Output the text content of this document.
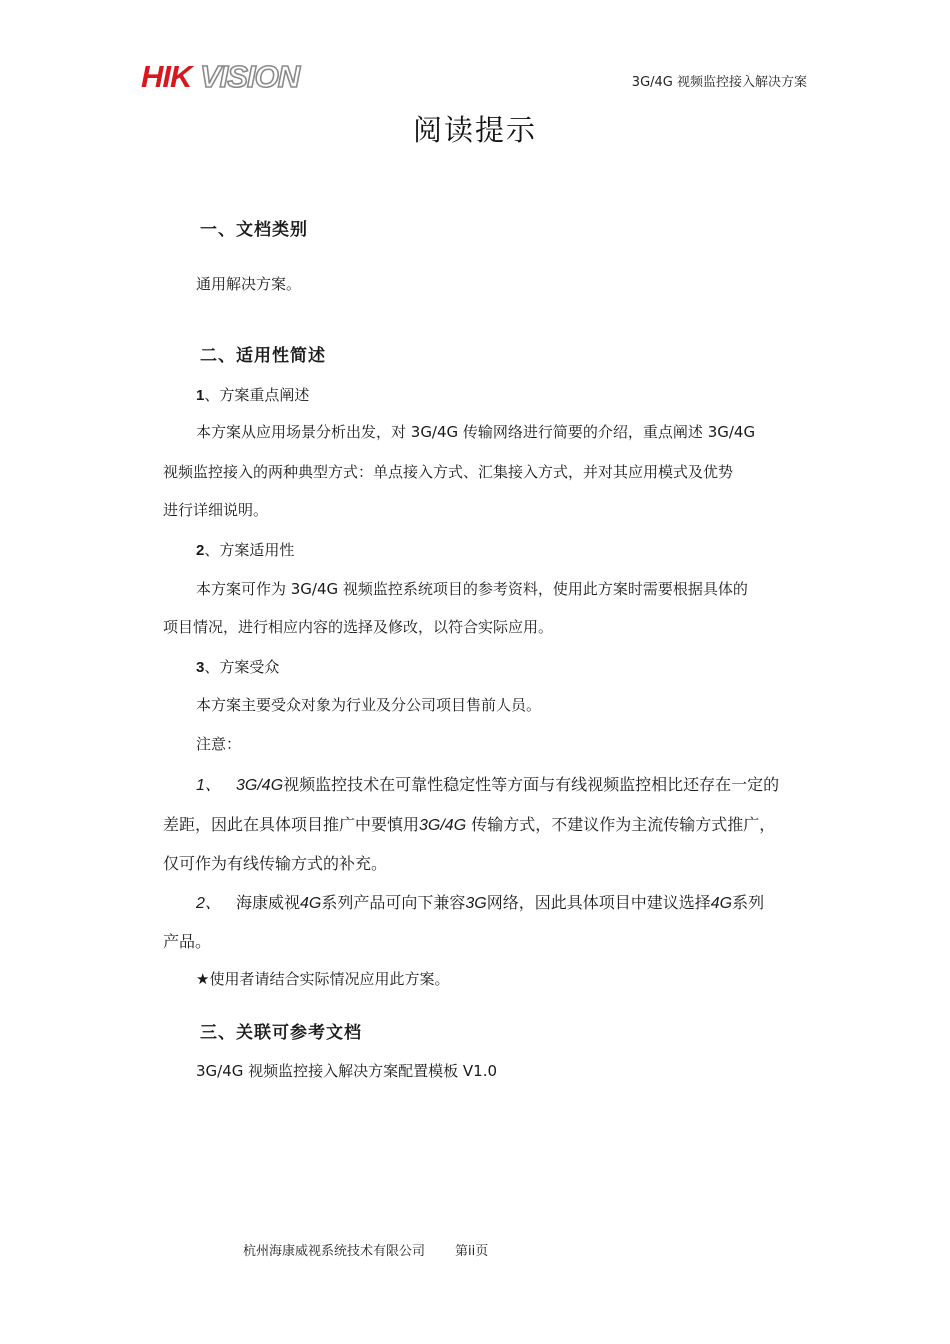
HIK VISION	3G/4G 视频监控接入解决方案
阅读提示
一、文档类别
通用解决方案。
二、适用性简述
1、方案重点阐述
本方案从应用场景分析出发，对 3G/4G 传输网络进行简要的介绍，重点阐述 3G/4G
视频监控接入的两种典型方式：单点接入方式、汇集接入方式，并对其应用模式及优势
进行详细说明。
2、方案适用性
本方案可作为 3G/4G 视频监控系统项目的参考资料，使用此方案时需要根据具体的
项目情况，进行相应内容的选择及修改，以符合实际应用。
3、方案受众
本方案主要受众对象为行业及分公司项目售前人员。
注意：
1、 3G/4G视频监控技术在可靠性稳定性等方面与有线视频监控相比还存在一定的
差距，因此在具体项目推广中要慎用3G/4G 传输方式，不建议作为主流传输方式推广，
仅可作为有线传输方式的补充。
2、 海康威视4G系列产品可向下兼容3G网络，因此具体项目中建议选择4G系列
产品。
★使用者请结合实际情况应用此方案。
三、关联可参考文档
3G/4G 视频监控接入解决方案配置模板 V1.0
杭州海康威视系统技术有限公司 第ii页
